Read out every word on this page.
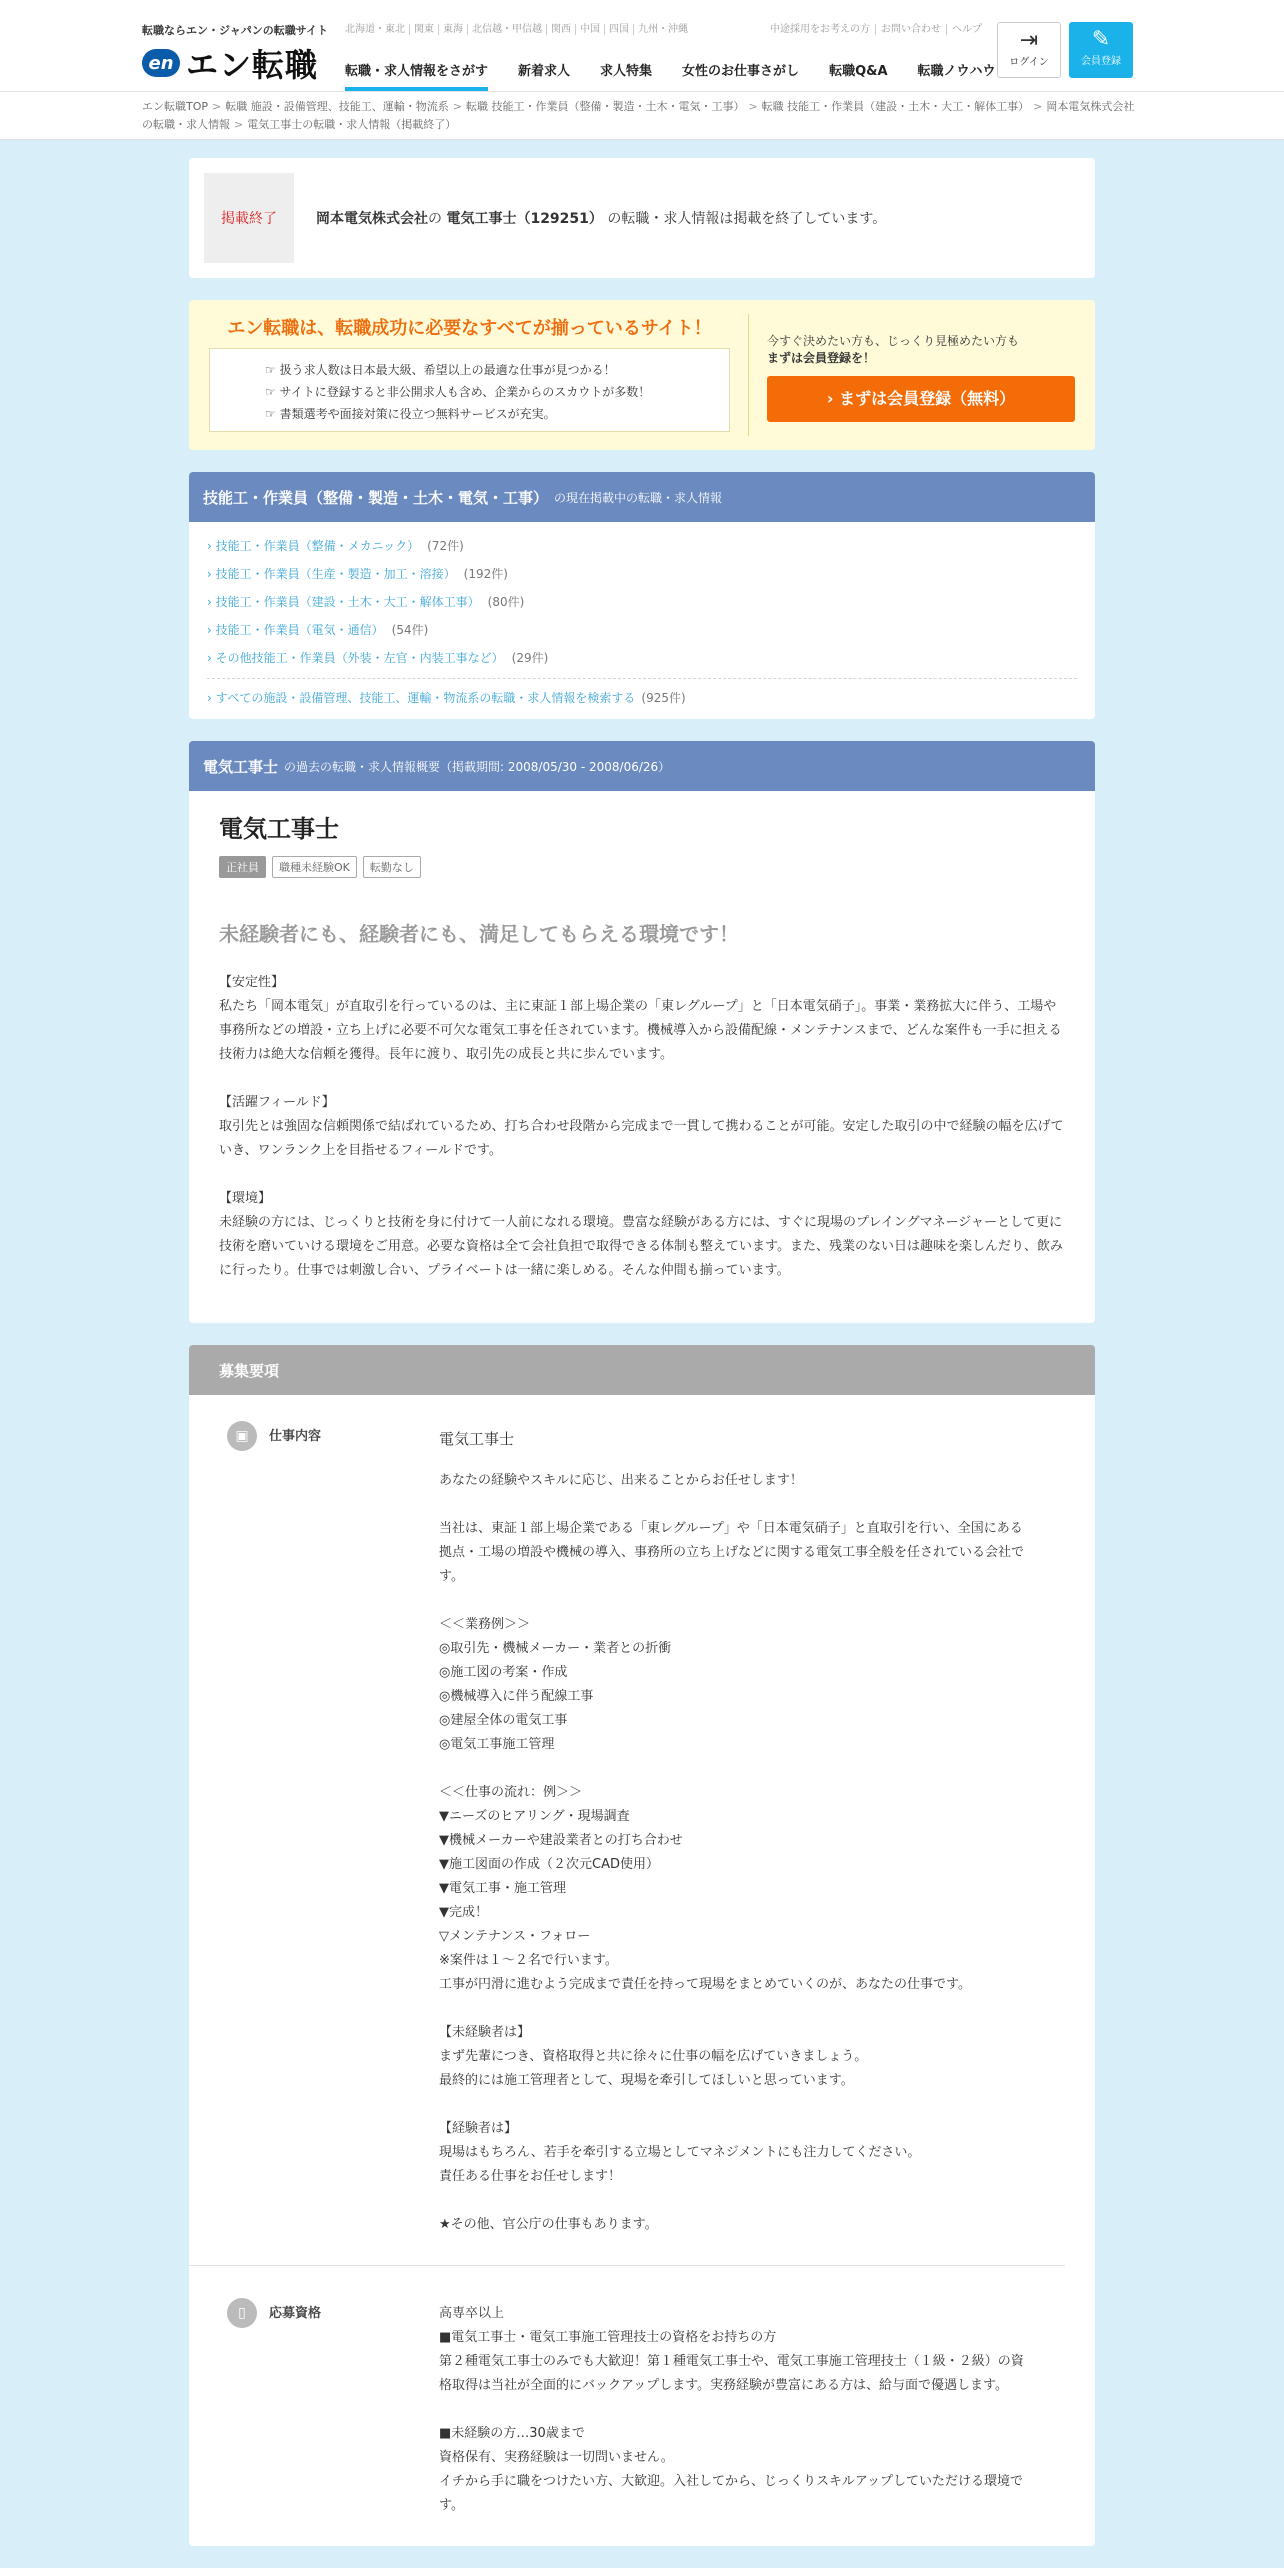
転職ならエン・ジャパンの転職サイト
en エン転職
北海道・東北 関東 東海 北信越・甲信越 関西 中国 四国 九州・沖縄	中途採用をお考えの方	お問い合わせ	ヘルプ	⇥
ログイン
✎
会員登録
転職・求人情報をさがす 新着求人 求人特集 女性のお仕事さがし 転職Q&A 転職ノウハウ
エン転職TOP > 転職 施設・設備管理、技能工、運輸・物流系 > 転職 技能工・作業員（整備・製造・土木・電気・工事） > 転職 技能工・作業員（建設・土木・大工・解体工事） > 岡本電気株式会社の転職・求人情報 > 電気工事士の転職・求人情報（掲載終了）
掲載終了	岡本電気株式会社の 電気工事士（129251） の転職・求人情報は掲載を終了しています。
エン転職は、転職成功に必要なすべてが揃っているサイト！
☞ 扱う求人数は日本最大級、希望以上の最適な仕事が見つかる！
☞ サイトに登録すると非公開求人も含め、企業からのスカウトが多数！
☞ 書類選考や面接対策に役立つ無料サービスが充実。
今すぐ決めたい方も、じっくり見極めたい方も
まずは会員登録を！
› まずは会員登録（無料）
技能工・作業員（整備・製造・土木・電気・工事） の現在掲載中の転職・求人情報
› 技能工・作業員（整備・メカニック） (72件)
› 技能工・作業員（生産・製造・加工・溶接） (192件)
› 技能工・作業員（建設・土木・大工・解体工事） (80件)
› 技能工・作業員（電気・通信） (54件)
› その他技能工・作業員（外装・左官・内装工事など） (29件)
› すべての施設・設備管理、技能工、運輸・物流系の転職・求人情報を検索する (925件)
電気工事士 の過去の転職・求人情報概要（掲載期間: 2008/05/30 - 2008/06/26）
電気工事士
正社員	職種未経験OK	転勤なし
未経験者にも、経験者にも、満足してもらえる環境です！

【安定性】
私たち「岡本電気」が直取引を行っているのは、主に東証１部上場企業の「東レグループ」と「日本電気硝子」。事業・業務拡大に伴う、工場や事務所などの増設・立ち上げに必要不可欠な電気工事を任されています。機械導入から設備配線・メンテナンスまで、どんな案件も一手に担える技術力は絶大な信頼を獲得。長年に渡り、取引先の成長と共に歩んでいます。

【活躍フィールド】
取引先とは強固な信頼関係で結ばれているため、打ち合わせ段階から完成まで一貫して携わることが可能。安定した取引の中で経験の幅を広げていき、ワンランク上を目指せるフィールドです。

【環境】
未経験の方には、じっくりと技術を身に付けて一人前になれる環境。豊富な経験がある方には、すぐに現場のプレイングマネージャーとして更に技術を磨いていける環境をご用意。必要な資格は全て会社負担で取得できる体制も整えています。また、残業のない日は趣味を楽しんだり、飲みに行ったり。仕事では刺激し合い、プライベートは一緒に楽しめる。そんな仲間も揃っています。

募集要項
▣	仕事内容	電気工事士
あなたの経験やスキルに応じ、出来ることからお任せします！

当社は、東証１部上場企業である「東レグループ」や「日本電気硝子」と直取引を行い、全国にある拠点・工場の増設や機械の導入、事務所の立ち上げなどに関する電気工事全般を任されている会社です。

＜＜業務例＞＞
◎取引先・機械メーカー・業者との折衝
◎施工図の考案・作成
◎機械導入に伴う配線工事
◎建屋全体の電気工事
◎電気工事施工管理

＜＜仕事の流れ：例＞＞
▼ニーズのヒアリング・現場調査
▼機械メーカーや建設業者との打ち合わせ
▼施工図面の作成（２次元CAD使用）
▼電気工事・施工管理
▼完成！
▽メンテナンス・フォロー
※案件は１～２名で行います。
工事が円滑に進むよう完成まで責任を持って現場をまとめていくのが、あなたの仕事です。

【未経験者は】
まず先輩につき、資格取得と共に徐々に仕事の幅を広げていきましょう。
最終的には施工管理者として、現場を牽引してほしいと思っています。

【経験者は】
現場はもちろん、若手を牽引する立場としてマネジメントにも注力してください。
責任ある仕事をお任せします！

★その他、官公庁の仕事もあります。
▯	応募資格	高専卒以上
■電気工事士・電気工事施工管理技士の資格をお持ちの方
第２種電気工事士のみでも大歓迎！第１種電気工事士や、電気工事施工管理技士（１級・２級）の資格取得は当社が全面的にバックアップします。実務経験が豊富にある方は、給与面で優遇します。

■未経験の方…30歳まで
資格保有、実務経験は一切問いません。
イチから手に職をつけたい方、大歓迎。入社してから、じっくりスキルアップしていただける環境です。
